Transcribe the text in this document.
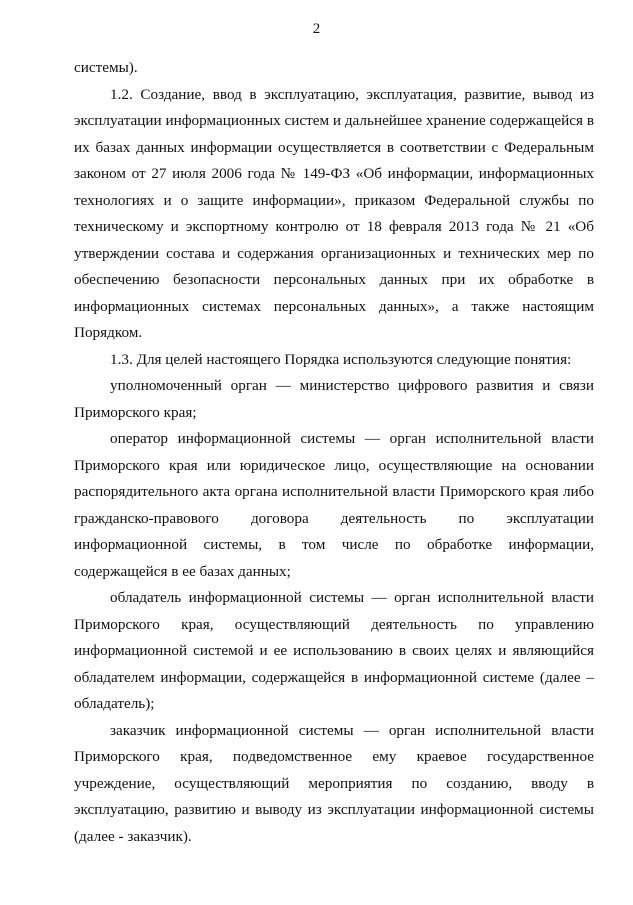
2

системы).

1.2. Создание, ввод в эксплуатацию, эксплуатация, развитие, вывод из эксплуатации информационных систем и дальнейшее хранение содержащейся в их базах данных информации осуществляется в соответствии с Федеральным законом от 27 июля 2006 года № 149-ФЗ «Об информации, информационных технологиях и о защите информации», приказом Федеральной службы по техническому и экспортному контролю от 18 февраля 2013 года № 21 «Об утверждении состава и содержания организационных и технических мер по обеспечению безопасности персональных данных при их обработке в информационных системах персональных данных», а также настоящим Порядком.

1.3. Для целей настоящего Порядка используются следующие понятия:

уполномоченный орган — министерство цифрового развития и связи Приморского края;

оператор информационной системы — орган исполнительной власти Приморского края или юридическое лицо, осуществляющие на основании распорядительного акта органа исполнительной власти Приморского края либо гражданско-правового договора деятельность по эксплуатации информационной системы, в том числе по обработке информации, содержащейся в ее базах данных;

обладатель информационной системы — орган исполнительной власти Приморского края, осуществляющий деятельность по управлению информационной системой и ее использованию в своих целях и являющийся обладателем информации, содержащейся в информационной системе (далее – обладатель);

заказчик информационной системы — орган исполнительной власти Приморского края, подведомственное ему краевое государственное учреждение, осуществляющий мероприятия по созданию, вводу в эксплуатацию, развитию и выводу из эксплуатации информационной системы (далее - заказчик).
